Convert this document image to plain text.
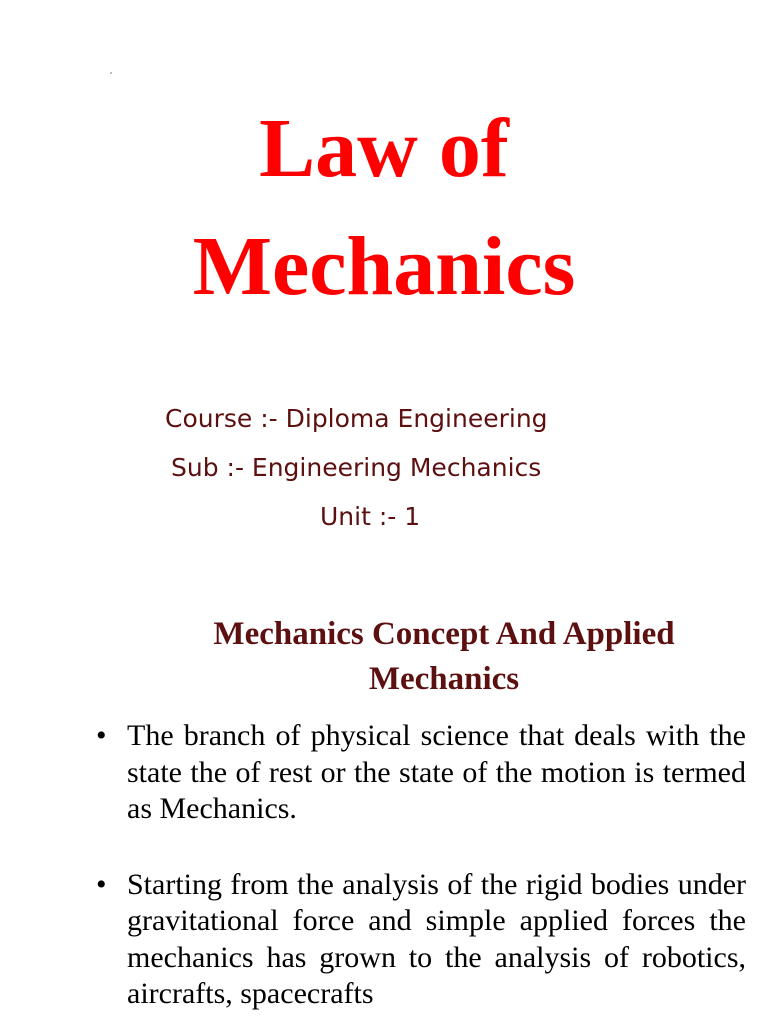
Law of
Mechanics
Course :- Diploma Engineering
Sub :- Engineering Mechanics
Unit :- 1
Mechanics Concept And Applied Mechanics
• The branch of physical science that deals with the state the of rest or the state of the motion is termed as Mechanics.
• Starting from the analysis of the rigid bodies under gravitational force and simple applied forces the mechanics has grown to the analysis of robotics, aircrafts, spacecrafts
